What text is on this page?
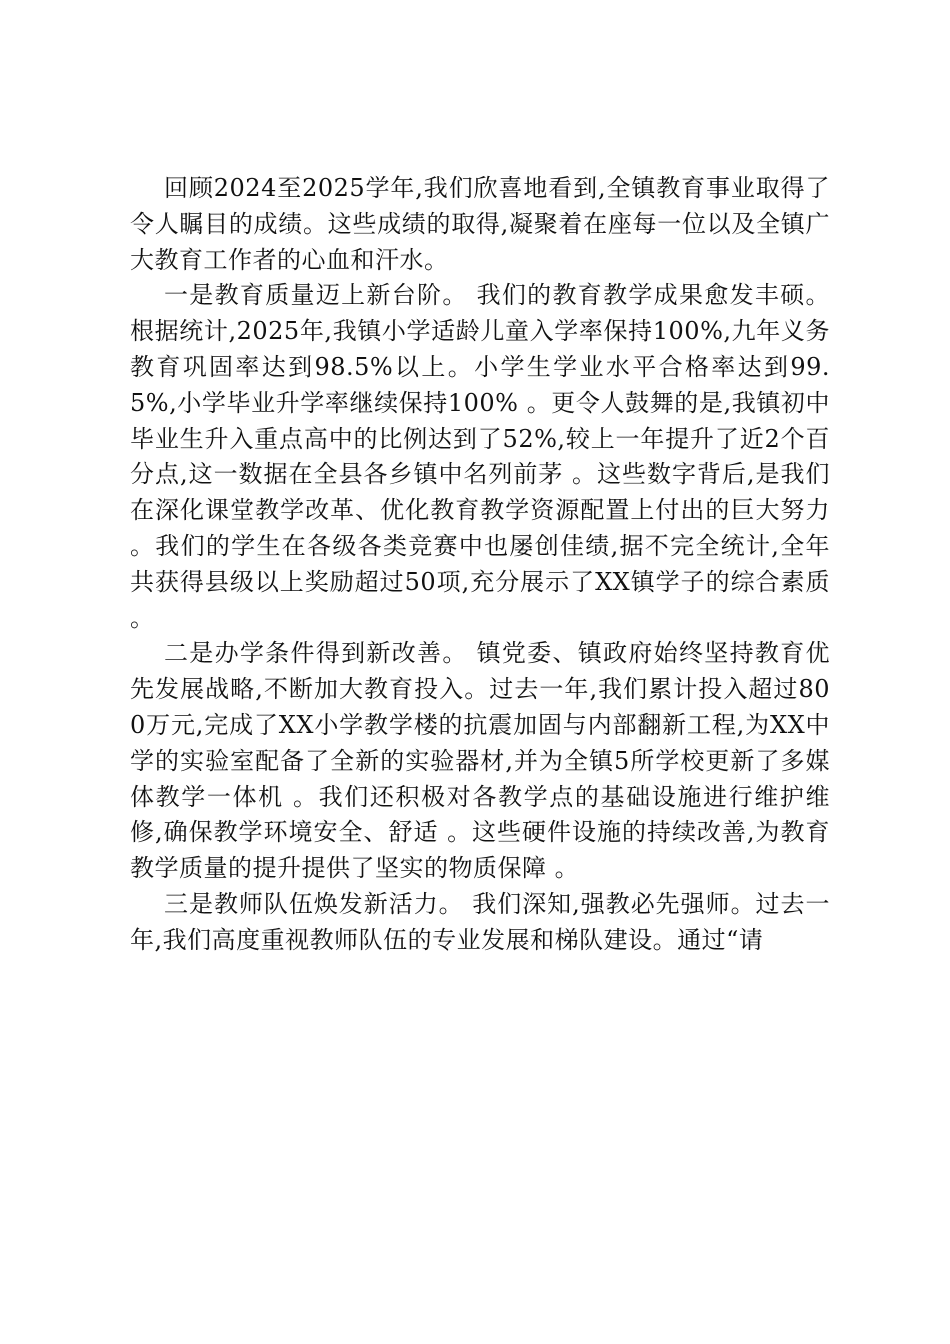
回顾2024至2025学年,我们欣喜地看到,全镇教育事业取得了令人瞩目的成绩。这些成绩的取得,凝聚着在座每一位以及全镇广大教育工作者的心血和汗水。

一是教育质量迈上新台阶。 我们的教育教学成果愈发丰硕。根据统计,2025年,我镇小学适龄儿童入学率保持100%,九年义务教育巩固率达到98.5%以上。小学生学业水平合格率达到99.5%,小学毕业升学率继续保持100% 。更令人鼓舞的是,我镇初中毕业生升入重点高中的比例达到了52%,较上一年提升了近2个百分点,这一数据在全县各乡镇中名列前茅 。这些数字背后,是我们在深化课堂教学改革、优化教育教学资源配置上付出的巨大努力 。我们的学生在各级各类竞赛中也屡创佳绩,据不完全统计,全年共获得县级以上奖励超过50项,充分展示了XX镇学子的综合素质 。

二是办学条件得到新改善。 镇党委、镇政府始终坚持教育优先发展战略,不断加大教育投入。过去一年,我们累计投入超过800万元,完成了XX小学教学楼的抗震加固与内部翻新工程,为XX中学的实验室配备了全新的实验器材,并为全镇5所学校更新了多媒体教学一体机 。我们还积极对各教学点的基础设施进行维护维修,确保教学环境安全、舒适 。这些硬件设施的持续改善,为教育教学质量的提升提供了坚实的物质保障 。

三是教师队伍焕发新活力。 我们深知,强教必先强师。过去一年,我们高度重视教师队伍的专业发展和梯队建设。通过“请
